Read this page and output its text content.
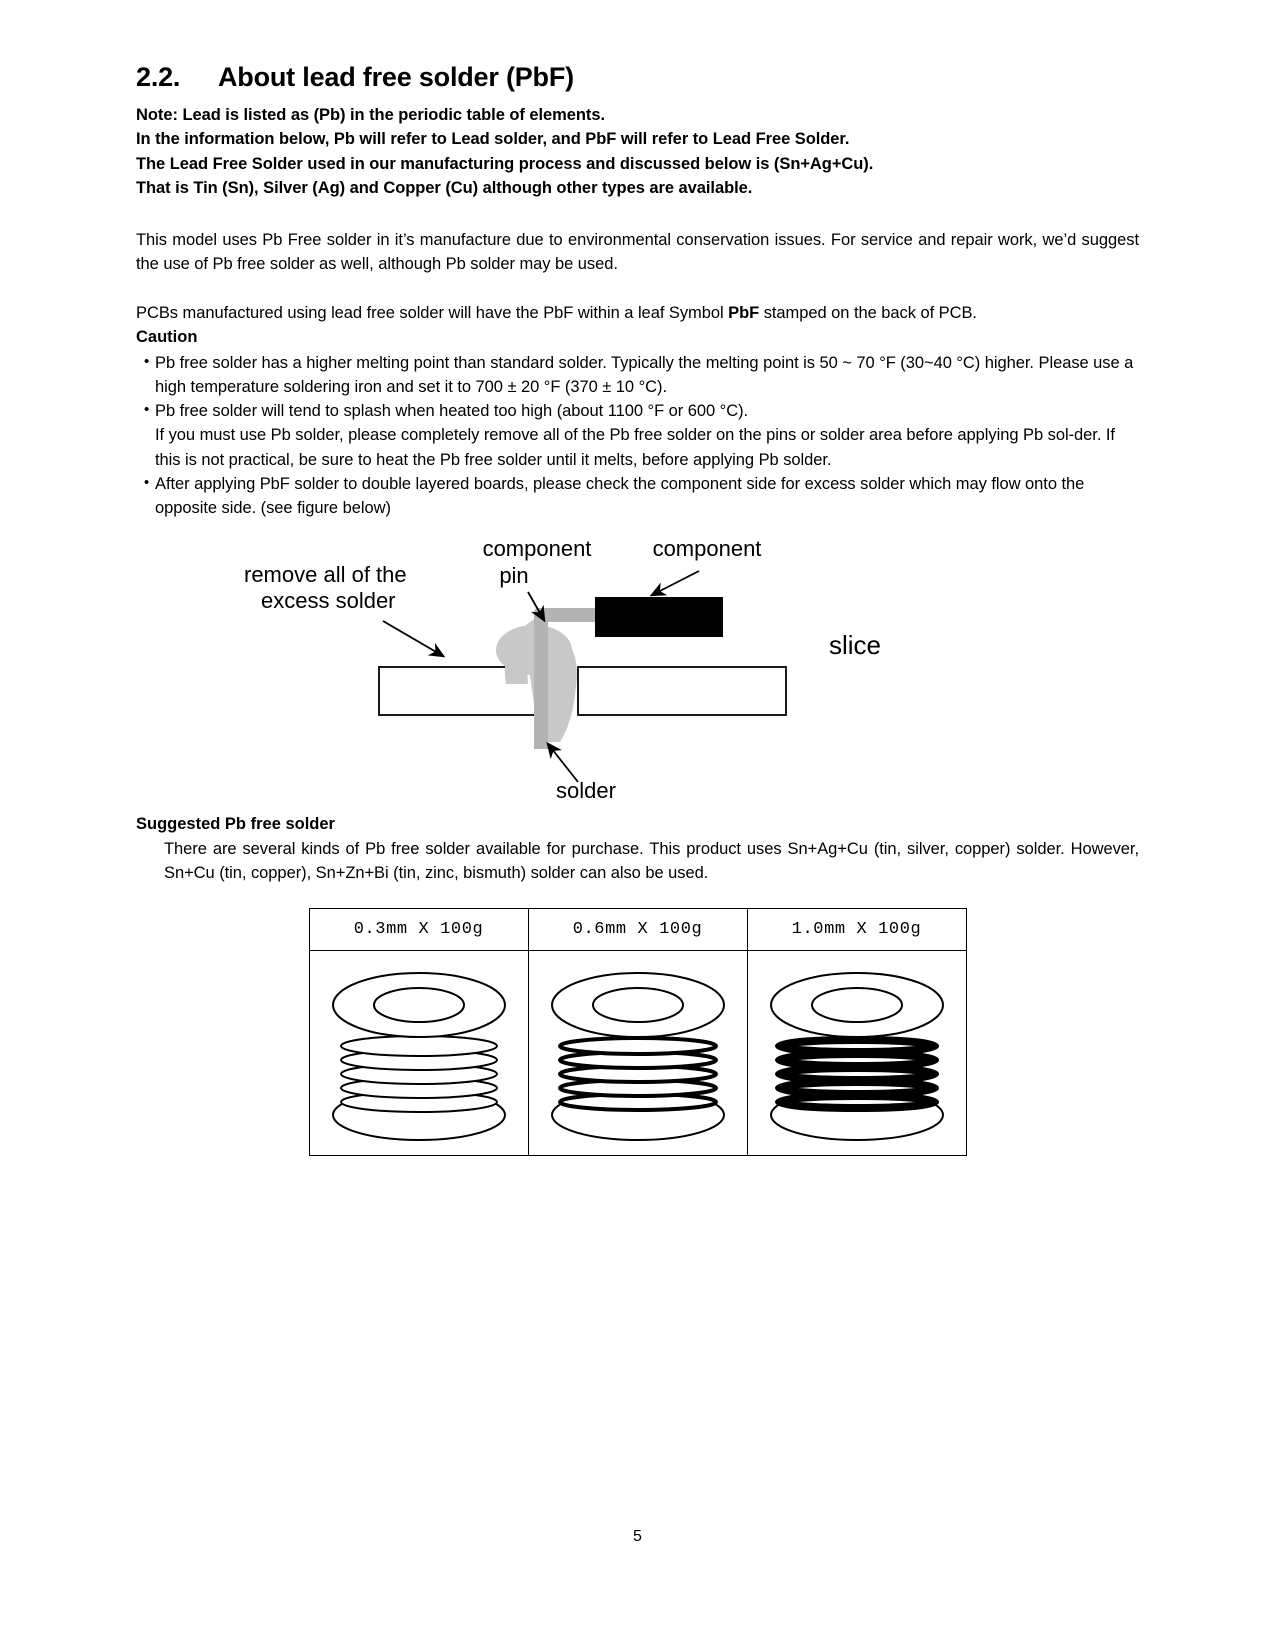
2.2.	About lead free solder (PbF)
Note: Lead is listed as (Pb) in the periodic table of elements.
In the information below, Pb will refer to Lead solder, and PbF will refer to Lead Free Solder.
The Lead Free Solder used in our manufacturing process and discussed below is (Sn+Ag+Cu).
That is Tin (Sn), Silver (Ag) and Copper (Cu) although other types are available.
This model uses Pb Free solder in it’s manufacture due to environmental conservation issues. For service and repair work, we’d suggest the use of Pb free solder as well, although Pb solder may be used.
PCBs manufactured using lead free solder will have the PbF within a leaf Symbol PbF stamped on the back of PCB.
Caution
• Pb free solder has a higher melting point than standard solder. Typically the melting point is 50 ~ 70 °F (30~40 °C) higher. Please use a high temperature soldering iron and set it to 700 ± 20 °F (370 ± 10 °C).
• Pb free solder will tend to splash when heated too high (about 1100 °F or 600 °C).
If you must use Pb solder, please completely remove all of the Pb free solder on the pins or solder area before applying Pb sol-der. If this is not practical, be sure to heat the Pb free solder until it melts, before applying Pb solder.
• After applying PbF solder to double layered boards, please check the component side for excess solder which may flow onto the opposite side. (see figure below)
component
pin
component
remove all of the
excess solder
slice
solder
Suggested Pb free solder
There are several kinds of Pb free solder available for purchase. This product uses Sn+Ag+Cu (tin, silver, copper) solder. However, Sn+Cu (tin, copper), Sn+Zn+Bi (tin, zinc, bismuth) solder can also be used.
0.3mm X 100g	0.6mm X 100g	1.0mm X 100g

5
